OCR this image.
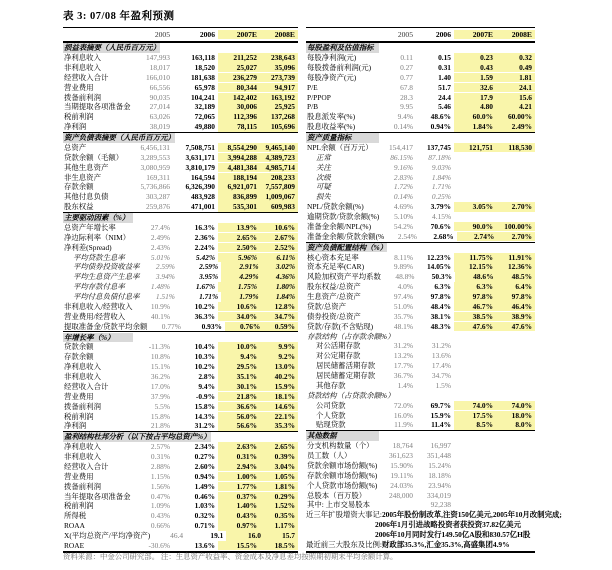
表 3: 07/08 年盈利预测
2005	2006	2007E	2008E
损益表摘要（人民币百万元）
净利息收入	147,993	163,118	211,252	238,643
非利息收入	18,017	18,520	25,027	35,096
经营收入合计	166,010	181,638	236,279	273,739
营业费用	66,556	65,978	80,344	94,917
拨备前利润	90,035	104,241	142,402	163,192
当期提取各项准备金	27,014	32,189	30,006	25,925
税前利润	63,026	72,065	112,396	137,268
净利润	38,019	49,880	78,115	105,696
资产负债表摘要（人民币百万元）
总资产	6,456,131	7,508,751	8,554,290	9,465,140
贷款余额（毛额）	3,289,553	3,631,171	3,994,288	4,389,723
其他生息资产	3,080,959	3,810,179	4,481,384	4,985,714
非生息资产	169,311	164,594	188,194	208,233
存款余额	5,736,866	6,326,390	6,921,071	7,557,809
其他付息负债	303,287	483,928	836,899	1,009,067
股东权益	259,876	471,001	535,301	609,983
主要驱动因素（%）
总资产年增长率	27.4%	16.3%	13.9%	10.6%
净边际利率（NIM）	2.49%	2.36%	2.65%	2.67%
净利差(Spread)	2.43%	2.24%	2.50%	2.52%
平均贷款生息率	5.01%	5.42%	5.96%	6.11%
平均债券投资收益率	2.59%	2.59%	2.91%	3.02%
平均生息资产生息率	3.94%	3.95%	4.29%	4.36%
平均存款付息率	1.48%	1.67%	1.75%	1.80%
平均付息负债付息率	1.51%	1.71%	1.79%	1.84%
非利息收入/经营收入	10.9%	10.2%	10.6%	12.8%
营业费用/经营收入	40.1%	36.3%	34.0%	34.7%
提取准备金/贷款平均余额	0.77%	0.93%	0.76%	0.59%
年增长率（%）
贷款余额	-11.3%	10.4%	10.0%	9.9%
存款余额	10.8%	10.3%	9.4%	9.2%
净利息收入	15.1%	10.2%	29.5%	13.0%
非利息收入	36.2%	2.8%	35.1%	40.2%
经营收入合计	17.0%	9.4%	30.1%	15.9%
营业费用	37.9%	-0.9%	21.8%	18.1%
拨备前利润	5.5%	15.8%	36.6%	14.6%
税前利润	15.8%	14.3%	56.0%	22.1%
净利润	21.8%	31.2%	56.6%	35.3%
盈利结构杜邦分析（以下按占平均总资产%）
净利息收入	2.57%	2.34%	2.63%	2.65%
非利息收入	0.31%	0.27%	0.31%	0.39%
经营收入合计	2.88%	2.60%	2.94%	3.04%
营业费用	1.15%	0.94%	1.00%	1.05%
拨备前利润	1.56%	1.49%	1.77%	1.81%
当年提取各项准备金	0.47%	0.46%	0.37%	0.29%
税前利润	1.09%	1.03%	1.40%	1.52%
所得税	0.43%	0.32%	0.43%	0.35%
ROAA	0.66%	0.71%	0.97%	1.17%
X(平均总资产/平均净资产)	46.4	19.1	16.0	15.7
ROAE	-30.6%	13.6%	15.5%	18.5%
2005	2006	2007E	2008E
每股盈利及估值指标
每股净利润(元)	0.11	0.15	0.23	0.32
每股拨备前利润(元)	0.27	0.31	0.43	0.49
每股净资产(元)	0.77	1.40	1.59	1.81
P/E	67.8	51.7	32.6	24.1
P/PPOP	28.3	24.4	17.9	15.6
P/B	9.95	5.46	4.80	4.21
股息派发率(%)	9.4%	48.6%	60.0%	60.00%
股息收益率(%)	0.14%	0.94%	1.84%	2.49%
资产质量指标
NPL余额（百万元）	154,417	137,745	121,751	118,530
正常	86.15%	87.18%
关注	9.16%	9.03%
次级	2.83%	1.84%
可疑	1.72%	1.71%
损失	0.14%	0.25%
NPL/贷款余额(%)	4.69%	3.79%	3.05%	2.70%
逾期贷款/贷款余额(%)	5.10%	4.15%
准备金余额/NPL(%)	54.2%	70.6%	90.0%	100.00%
准备金余额/贷款余额(%	2.54%	2.68%	2.74%	2.70%
资产负债配置结构（%）
核心资本充足率	8.11%	12.23%	11.75%	11.91%
资本充足率(CAR)	9.89%	14.05%	12.15%	12.36%
风险加权资产平均系数	48.8%	50.3%	48.6%	48.5%
股东权益/总资产	4.0%	6.3%	6.3%	6.4%
生息资产/总资产	97.4%	97.8%	97.8%	97.8%
贷款/总资产	51.0%	48.4%	46.7%	46.4%
债券投资/总资产	35.7%	38.1%	38.5%	38.9%
贷款/存款(不含贴现)	48.1%	48.3%	47.6%	47.6%
存款结构（占存款余额%）
对公活期存款	31.2%	31.2%
对公定期存款	13.2%	13.6%
居民储蓄活期存款	17.7%	17.4%
居民储蓄定期存款	36.7%	34.7%
其他存款	1.4%	1.5%
贷款结构（占贷款余额%）
公司贷款	72.0%	69.7%	74.0%	74.0%
个人贷款	16.0%	15.9%	17.5%	18.0%
贴现贷款	11.9%	11.4%	8.5%	8.0%
其他数据
分支机构数量（个）	18,764	16,997
员工数（人）	361,623	351,448
贷款余额市场份额(%)	15.90%	15.24%
存款余额市场份额(%)	19.11%	18.18%
个人贷款市场份额(%)	24.03%	23.94%
总股本（百万股）	248,000	334,019
其中: 上市交易股本	92,238
近三年扩股增资大事记: 2005年股份制改革,注资150亿美元,2005年10月改制完成;
2006年1月引进战略投资者获投资37.82亿美元
2006年10月同时发行149.50亿A股和830.57亿H股
最近前三大股东及比例: 财政部35.3%,汇金35.3%,高盛集团4.9%
资料来源：中金公司研究部。 注：生息资产收益率、资金成本及净息差均按照期初期末平均余额计算。
